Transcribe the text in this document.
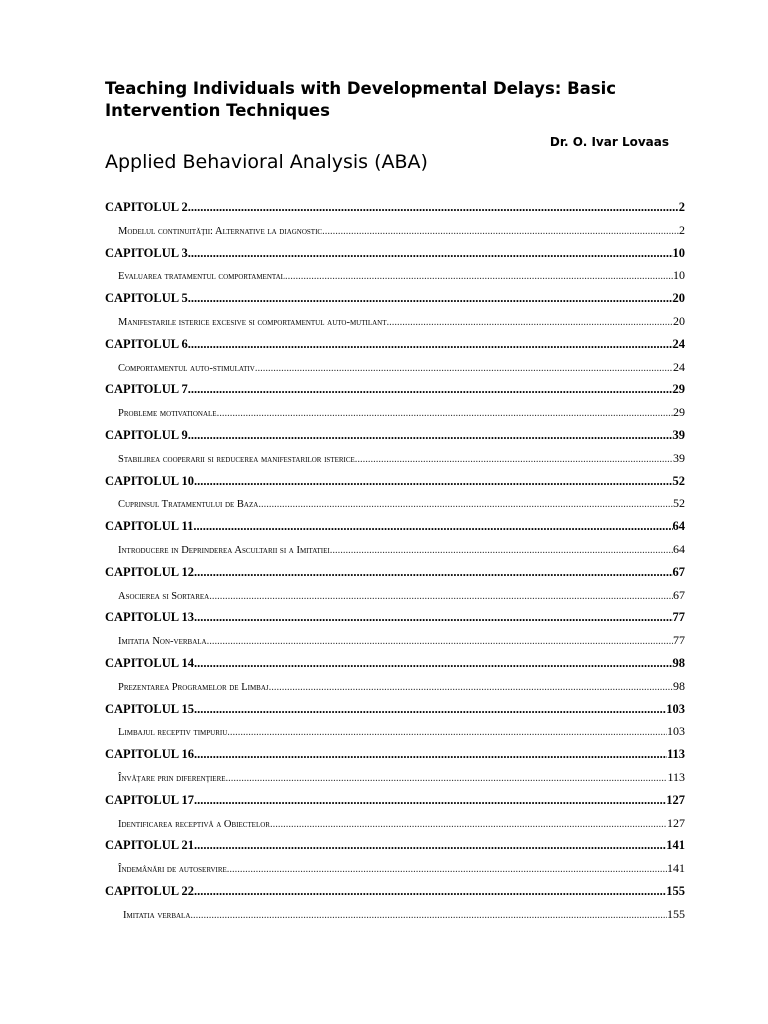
Teaching Individuals with Developmental Delays: Basic Intervention Techniques
Dr. O. Ivar Lovaas
Applied Behavioral Analysis (ABA)
CAPITOLUL 2 .....	2
Modelul continuităţii: Alternative la diagnostic .....	2
CAPITOLUL 3 .....	10
Evaluarea tratamentul comportamental .....	10
CAPITOLUL 5 .....	20
Manifestarile isterice excesive si comportamentul auto-mutilant .....	20
CAPITOLUL 6 .....	24
Comportamentul auto-stimulativ .....	24
CAPITOLUL 7 .....	29
Probleme motivationale .....	29
CAPITOLUL 9 .....	39
Stabilirea cooperarii si reducerea manifestarilor isterice .....	39
CAPITOLUL 10 .....	52
Cuprinsul Tratamentului de Baza .....	52
CAPITOLUL 11 .....	64
Introducere in Deprinderea Ascultarii si a Imitatiei .....	64
CAPITOLUL 12 .....	67
Asocierea si Sortarea .....	67
CAPITOLUL 13 .....	77
Imitatia Non-verbala .....	77
CAPITOLUL 14 .....	98
Prezentarea Programelor de Limbaj .....	98
CAPITOLUL 15 .....	103
Limbajul receptiv timpuriu .....	103
CAPITOLUL 16 .....	113
Învăţare prin diferenţiere .....	113
CAPITOLUL 17 .....	127
Identificarea receptivă a Obiectelor .....	127
CAPITOLUL 21 .....	141
Îndemânări de autoservire .....	141
CAPITOLUL 22 .....	155
Imitatia verbala .....	155
